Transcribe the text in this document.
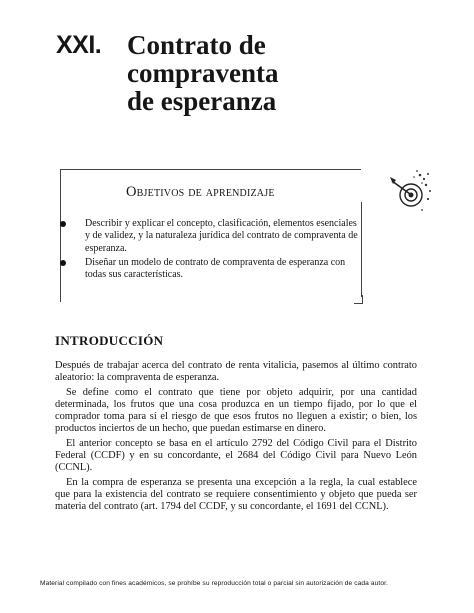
XXI. Contrato de
compraventa
de esperanza
Objetivos de aprendizaje
Describir y explicar el concepto, clasificación, elementos esenciales y de validez, y la naturaleza jurídica del contrato de compraventa de esperanza.
Diseñar un modelo de contrato de compraventa de esperanza con todas sus características.
INTRODUCCIÓN

Después de trabajar acerca del contrato de renta vitalicia, pasemos al último contrato aleatorio: la compraventa de esperanza.

Se define como el contrato que tiene por objeto adquirir, por una cantidad determinada, los frutos que una cosa produzca en un tiempo fijado, por lo que el comprador toma para sí el riesgo de que esos frutos no lleguen a existir; o bien, los productos inciertos de un hecho, que puedan estimarse en dinero.

El anterior concepto se basa en el artículo 2792 del Código Civil para el Distrito Federal (CCDF) y en su concordante, el 2684 del Código Civil para Nuevo León (CCNL).

En la compra de esperanza se presenta una excepción a la regla, la cual establece que para la existencia del contrato se requiere consentimiento y objeto que pueda ser materia del contrato (art. 1794 del CCDF, y su concordante, el 1691 del CCNL).

Material compilado con fines académicos, se prohíbe su reproducción total o parcial sin autorización de cada autor.
